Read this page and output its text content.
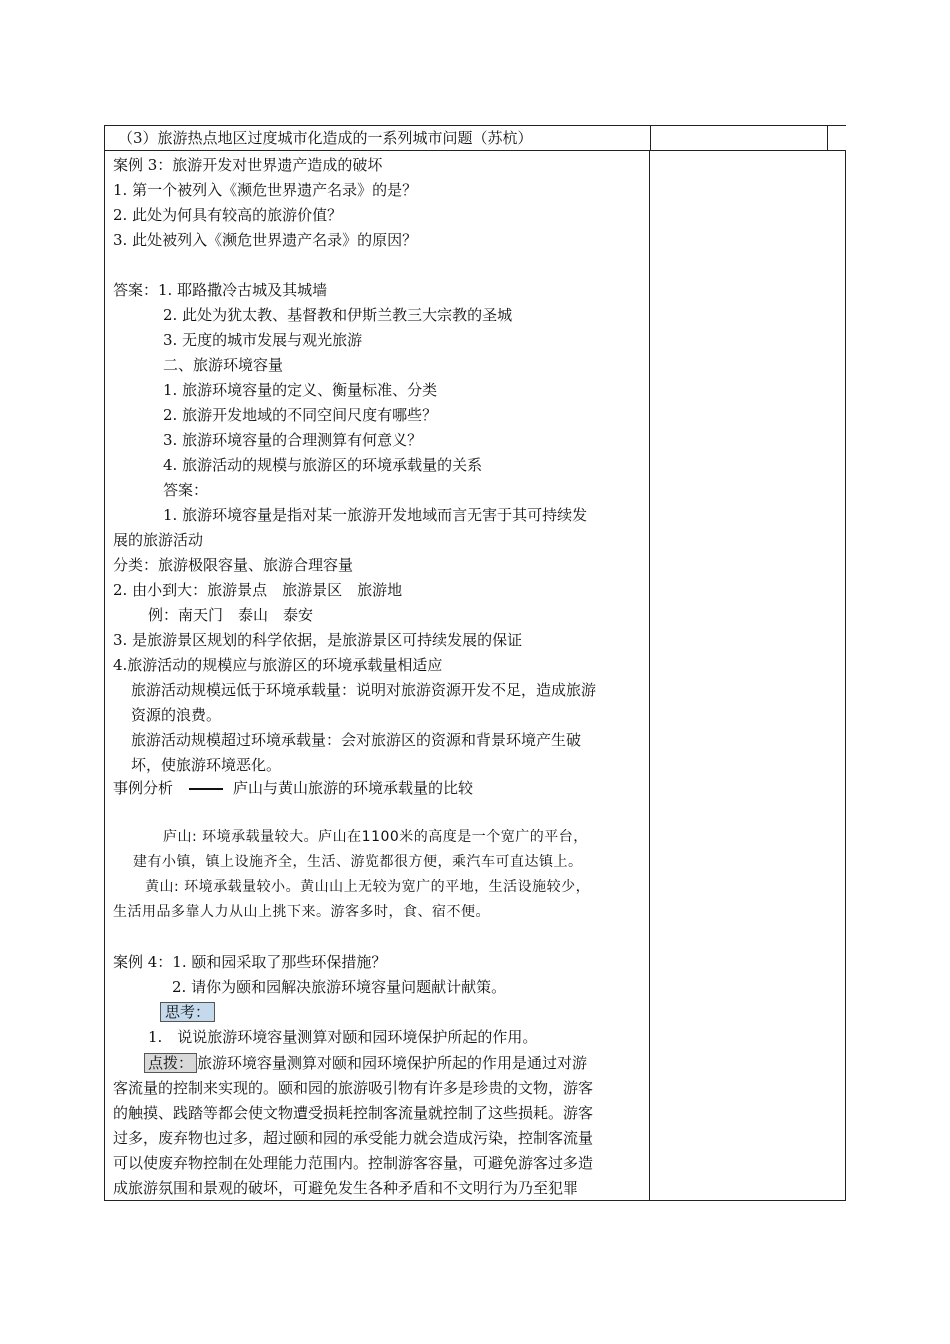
（3）旅游热点地区过度城市化造成的一系列城市问题（苏杭）
案例 3：旅游开发对世界遗产造成的破坏
1. 第一个被列入《濒危世界遗产名录》的是？
2. 此处为何具有较高的旅游价值？
3. 此处被列入《濒危世界遗产名录》的原因？
答案：1. 耶路撒冷古城及其城墙
2. 此处为犹太教、基督教和伊斯兰教三大宗教的圣城
3. 无度的城市发展与观光旅游
二、旅游环境容量
1. 旅游环境容量的定义、衡量标准、分类
2. 旅游开发地域的不同空间尺度有哪些？
3. 旅游环境容量的合理测算有何意义？
4. 旅游活动的规模与旅游区的环境承载量的关系
答案：
1. 旅游环境容量是指对某一旅游开发地域而言无害于其可持续发
展的旅游活动
分类：旅游极限容量、旅游合理容量
2. 由小到大：旅游景点　旅游景区　旅游地
例：南天门　泰山　泰安
3. 是旅游景区规划的科学依据，是旅游景区可持续发展的保证
4.旅游活动的规模应与旅游区的环境承载量相适应
旅游活动规模远低于环境承载量：说明对旅游资源开发不足，造成旅游
资源的浪费。
旅游活动规模超过环境承载量：会对旅游区的资源和背景环境产生破
坏，使旅游环境恶化。
事例分析	庐山与黄山旅游的环境承载量的比较
庐山: 环境承载量较大。庐山在1100米的高度是一个宽广的平台，
建有小镇，镇上设施齐全，生活、游览都很方便，乘汽车可直达镇上。
黄山: 环境承载量较小。黄山山上无较为宽广的平地，生活设施较少，
生活用品多靠人力从山上挑下来。游客多时，食、宿不便。
案例 4：1. 颐和园采取了那些环保措施？
2. 请你为颐和园解决旅游环境容量问题献计献策。
思考：
1.　说说旅游环境容量测算对颐和园环境保护所起的作用。
点拨： 旅游环境容量测算对颐和园环境保护所起的作用是通过对游
客流量的控制来实现的。颐和园的旅游吸引物有许多是珍贵的文物，游客
的触摸、践踏等都会使文物遭受损耗控制客流量就控制了这些损耗。游客
过多，废弃物也过多，超过颐和园的承受能力就会造成污染，控制客流量
可以使废弃物控制在处理能力范围内。控制游客容量，可避免游客过多造
成旅游氛围和景观的破坏，可避免发生各种矛盾和不文明行为乃至犯罪
